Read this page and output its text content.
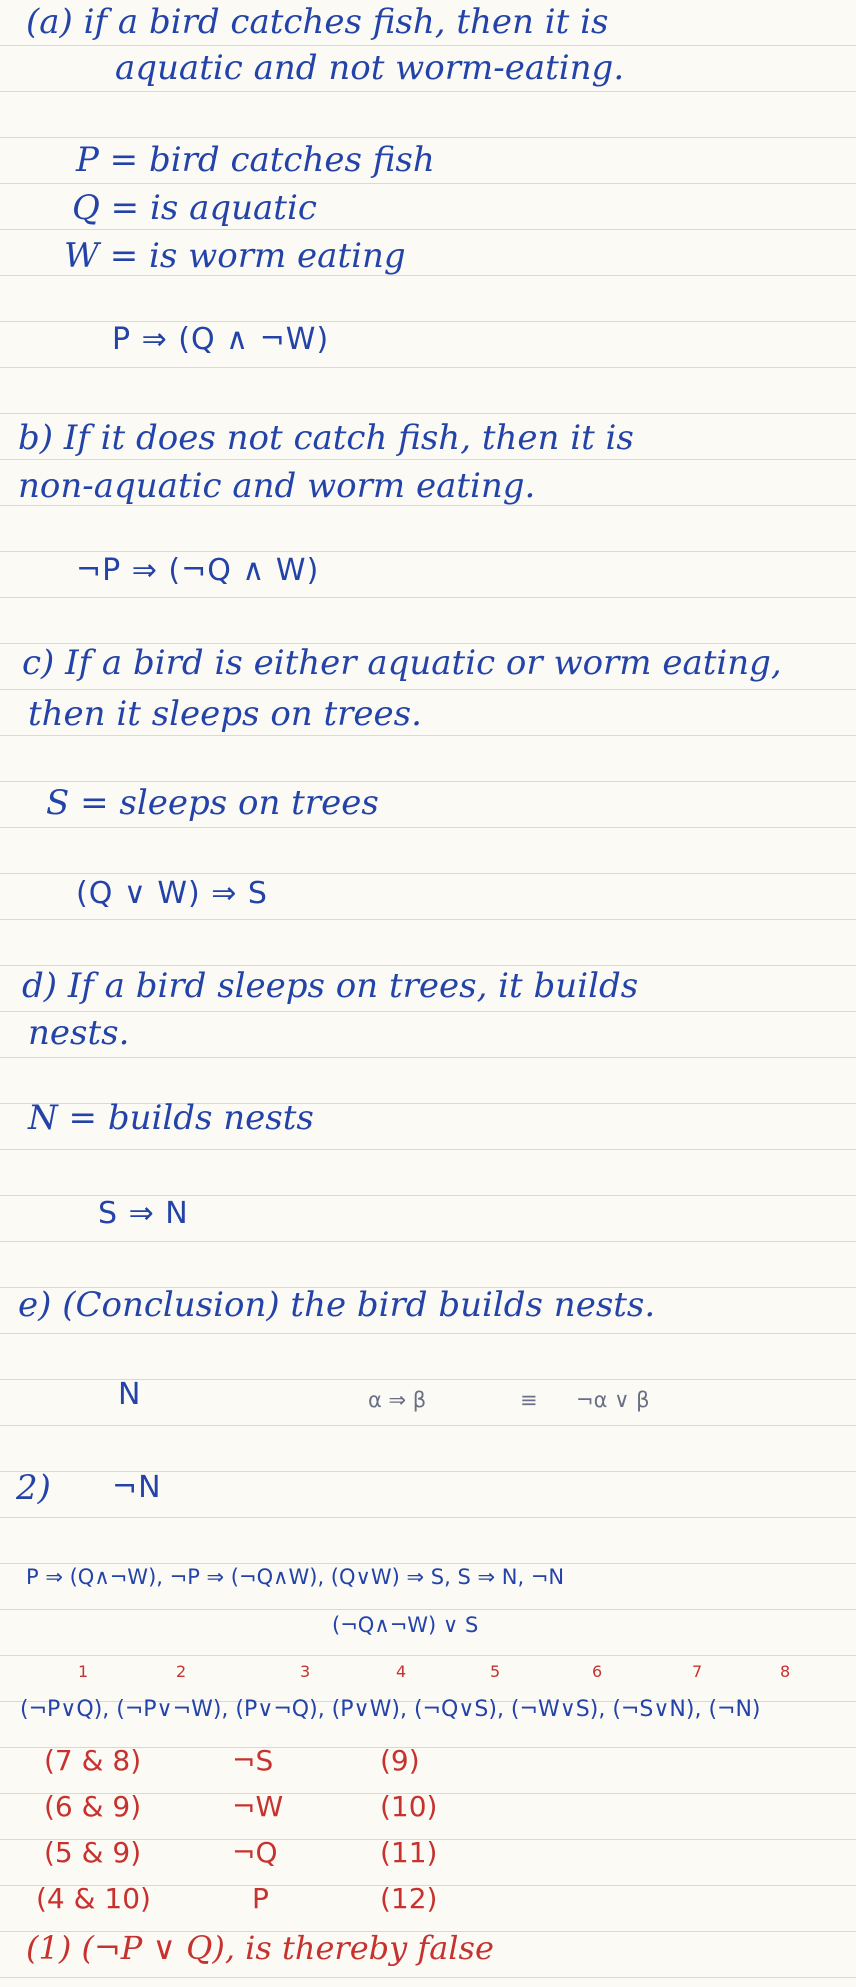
(a) if a bird catches fish, then it is
aquatic and not worm-eating.
P = bird catches fish
Q = is aquatic
W = is worm eating
P ⇒ (Q ∧ ¬W)
b) If it does not catch fish, then it is
non-aquatic and worm eating.
¬P ⇒ (¬Q ∧ W)
c) If a bird is either aquatic or worm eating,
then it sleeps on trees.
S = sleeps on trees
(Q ∨ W) ⇒ S
d) If a bird sleeps on trees, it builds
nests.
N = builds nests
S ⇒ N
e) (Conclusion) the bird builds nests.
N	α ⇒ β	≡ ¬α ∨ β
2) ¬N
P ⇒ (Q∧¬W), ¬P ⇒ (¬Q∧W), (Q∨W) ⇒ S, S ⇒ N, ¬N
(¬Q∧¬W) ∨ S
1	2	3	4	5	6	7	8
(¬P∨Q), (¬P∨¬W), (P∨¬Q), (P∨W), (¬Q∨S), (¬W∨S), (¬S∨N), (¬N)
(7 & 8)	¬S	(9)
(6 & 9)	¬W	(10)
(5 & 9)	¬Q	(11)
(4 & 10)	P	(12)
(1) (¬P ∨ Q), is thereby false
